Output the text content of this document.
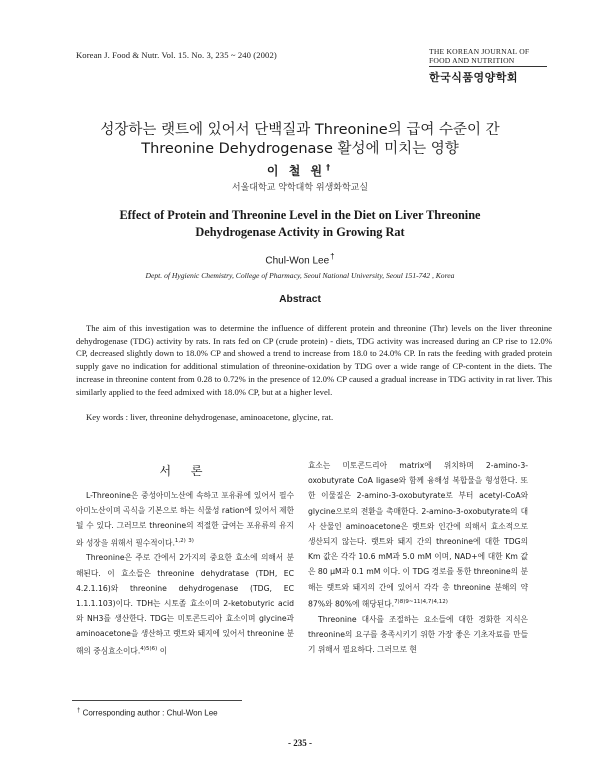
Korean J. Food & Nutr. Vol. 15. No. 3, 235 ~ 240 (2002)	THE KOREAN JOURNAL OF
FOOD AND NUTRITION
한국식품영양학회
성장하는 랫트에 있어서 단백질과 Threonine의 급여 수준이 간
Threonine Dehydrogenase 활성에 미치는 영향
이 철 원†
서울대학교 약학대학 위생화학교실
Effect of Protein and Threonine Level in the Diet on Liver Threonine
Dehydrogenase Activity in Growing Rat
Chul-Won Lee†
Dept. of Hygienic Chemistry, College of Pharmacy, Seoul National University, Seoul 151-742 , Korea
Abstract

The aim of this investigation was to determine the influence of different protein and threonine (Thr) levels on the liver threonine dehydrogenase (TDG) activity by rats. In rats fed on CP (crude protein) - diets, TDG activity was increased during an CP rise to 12.0% CP, decreased slightly down to 18.0% CP and showed a trend to increase from 18.0 to 24.0% CP. In rats the feeding with graded protein supply gave no indication for additional stimulation of threonine-oxidation by TDG over a wide range of CP-content in the diets. The increase in threonine content from 0.28 to 0.72% in the presence of 12.0% CP caused a gradual increase in TDG activity in rat liver. This similarly applied to the feed admixed with 18.0% CP, but at a higher level.

Key words : liver, threonine dehydrogenase, aminoacetone, glycine, rat.
서 론

L-Threonine은 중성아미노산에 속하고 포유류에 있어서 필수아미노산이며 곡식을 기본으로 하는 식물성 ration에 있어서 제한될 수 있다. 그러므로 threonine의 적절한 급여는 포유류의 유지와 성장을 위해서 필수적이다.$^{1,2)}$ $^{3)}$

Threonine은 주로 간에서 2가지의 중요한 효소에 의해서 분해된다. 이 효소들은 threonine dehydratase (TDH, EC 4.2.1.16)와 threonine dehydrogenase (TDG, EC 1.1.1.103)이다. TDH는 시토졸 효소이며 2-ketobutyric acid와 NH3를 생산한다. TDG는 미토콘드리아 효소이며 glycine과 aminoacetone을 생산하고 랫트와 돼지에 있어서 threonine 분해의 중심효소이다.$^{4)5)6)}$ 이

효소는 미토콘드리아 matrix에 위치하며 2-amino-3-oxobutyrate CoA ligase와 함께 융해성 복합물을 형성한다. 또한 이물질은 2-amino-3-oxobutyrate로 부터 acetyl-CoA와 glycine으로의 전환을 촉매한다. 2-amino-3-oxobutyrate의 대사 산물인 aminoacetone은 랫트와 인간에 의해서 효소적으로 생산되지 않는다. 랫트와 돼지 간의 threonine에 대한 TDG의 Km 값은 각각 10.6 mM과 5.0 mM 이며, NAD+에 대한 Km 값은 80 μM과 0.1 mM 이다. 이 TDG 경로를 통한 threonine의 분해는 랫트와 돼지의 간에 있어서 각각 총 threonine 분해의 약 87%와 80%에 해당된다.$^{7)8)9\sim 11)4,7)4,12)}$

Threonine 대사를 조절하는 요소들에 대한 경화한 지식은 threonine의 요구를 충족시키기 위한 가장 좋은 기초자료를 만들기 위해서 필요하다. 그러므로 현

† Corresponding author : Chul-Won Lee
- 235 -
